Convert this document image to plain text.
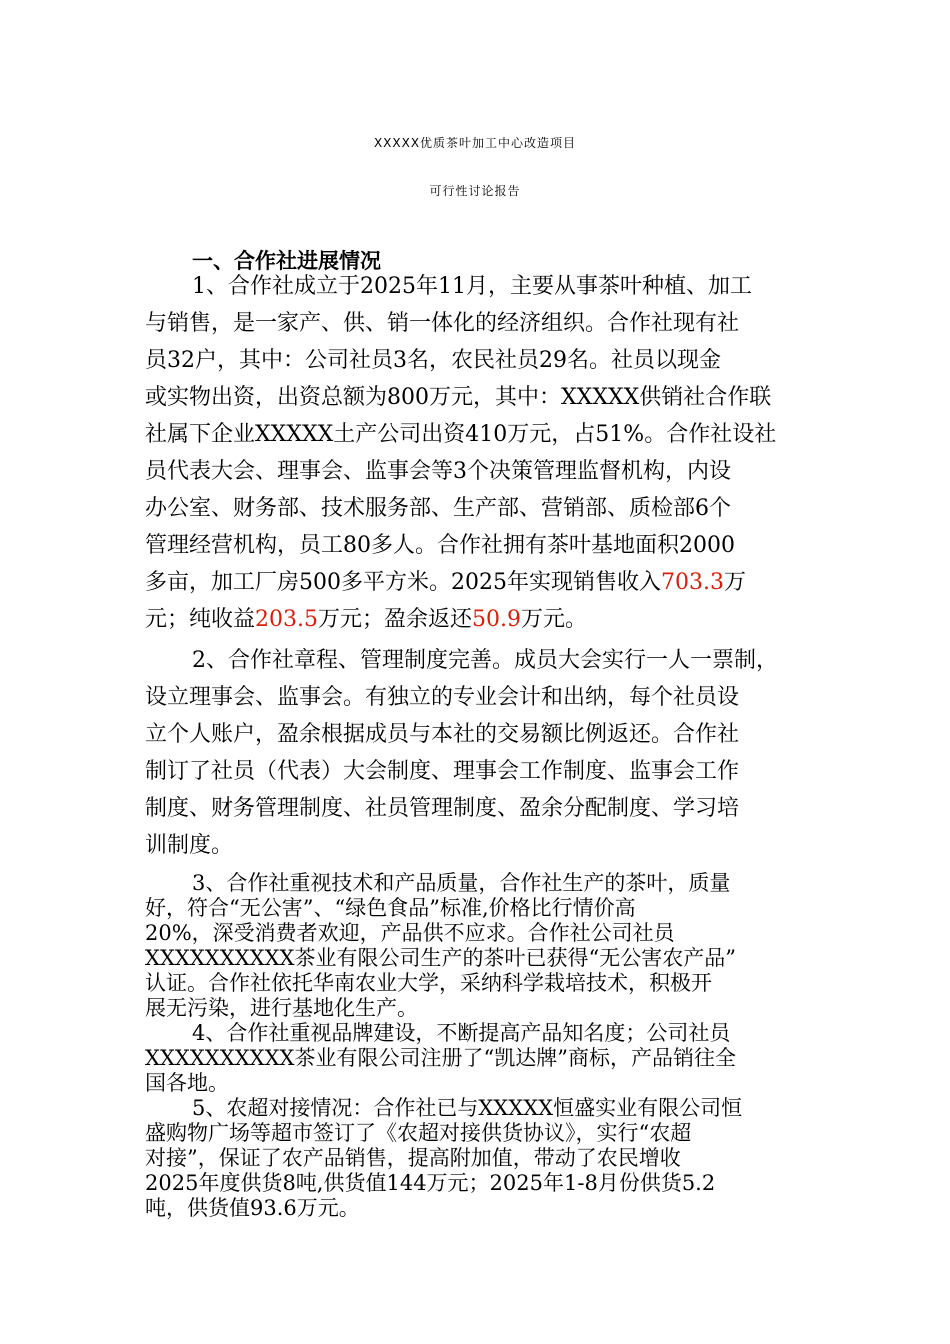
XXXXX优质茶叶加工中心改造项目
可行性讨论报告
一、合作社进展情况
1、合作社成立于2025年11月，主要从事茶叶种植、加工
与销售，是一家产、供、销一体化的经济组织。合作社现有社
员32户，其中：公司社员3名，农民社员29名。社员以现金
或实物出资，出资总额为800万元，其中：XXXXX供销社合作联
社属下企业XXXXX土产公司出资410万元，占51%。合作社设社
员代表大会、理事会、监事会等3个决策管理监督机构，内设
办公室、财务部、技术服务部、生产部、营销部、质检部6个
管理经营机构，员工80多人。合作社拥有茶叶基地面积2000
多亩，加工厂房500多平方米。2025年实现销售收入703.3万
元；纯收益203.5万元；盈余返还50.9万元。
2、合作社章程、管理制度完善。成员大会实行一人一票制，
设立理事会、监事会。有独立的专业会计和出纳，每个社员设
立个人账户，盈余根据成员与本社的交易额比例返还。合作社
制订了社员（代表）大会制度、理事会工作制度、监事会工作
制度、财务管理制度、社员管理制度、盈余分配制度、学习培
训制度。
3、合作社重视技术和产品质量，合作社生产的茶叶，质量
好，符合“无公害”、“绿色食品”标准,价格比行情价高
20%，深受消费者欢迎，产品供不应求。合作社公司社员
XXXXXXXXXX茶业有限公司生产的茶叶已获得“无公害农产品”
认证。合作社依托华南农业大学，采纳科学栽培技术，积极开
展无污染，进行基地化生产。
4、合作社重视品牌建设，不断提高产品知名度；公司社员
XXXXXXXXXX茶业有限公司注册了“凯达牌”商标，产品销往全
国各地。
5、农超对接情况：合作社已与XXXXX恒盛实业有限公司恒
盛购物广场等超市签订了《农超对接供货协议》，实行“农超
对接”，保证了农产品销售，提高附加值，带动了农民增收
2025年度供货8吨,供货值144万元；2025年1-8月份供货5.2
吨，供货值93.6万元。
